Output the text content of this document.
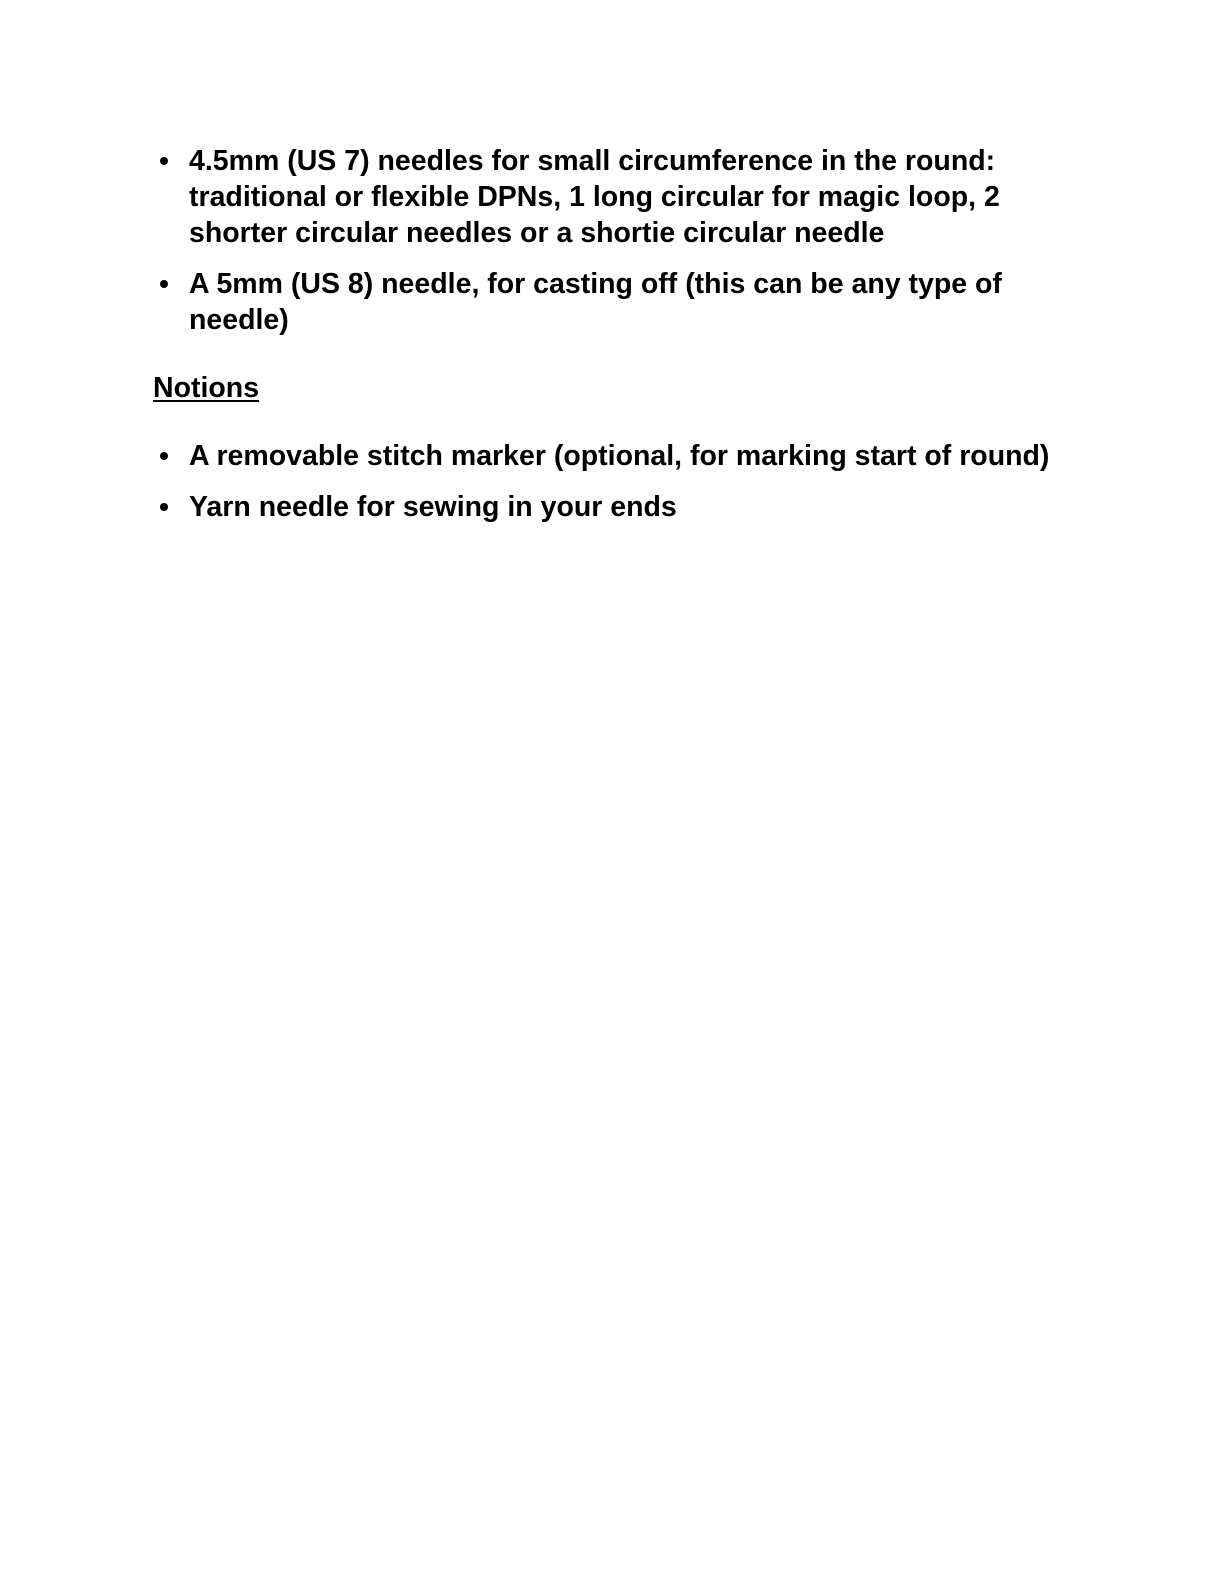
4.5mm (US 7) needles for small circumference in the round: traditional or flexible DPNs, 1 long circular for magic loop, 2 shorter circular needles or a shortie circular needle
A 5mm (US 8) needle, for casting off (this can be any type of needle)
Notions
A removable stitch marker (optional, for marking start of round)
Yarn needle for sewing in your ends
